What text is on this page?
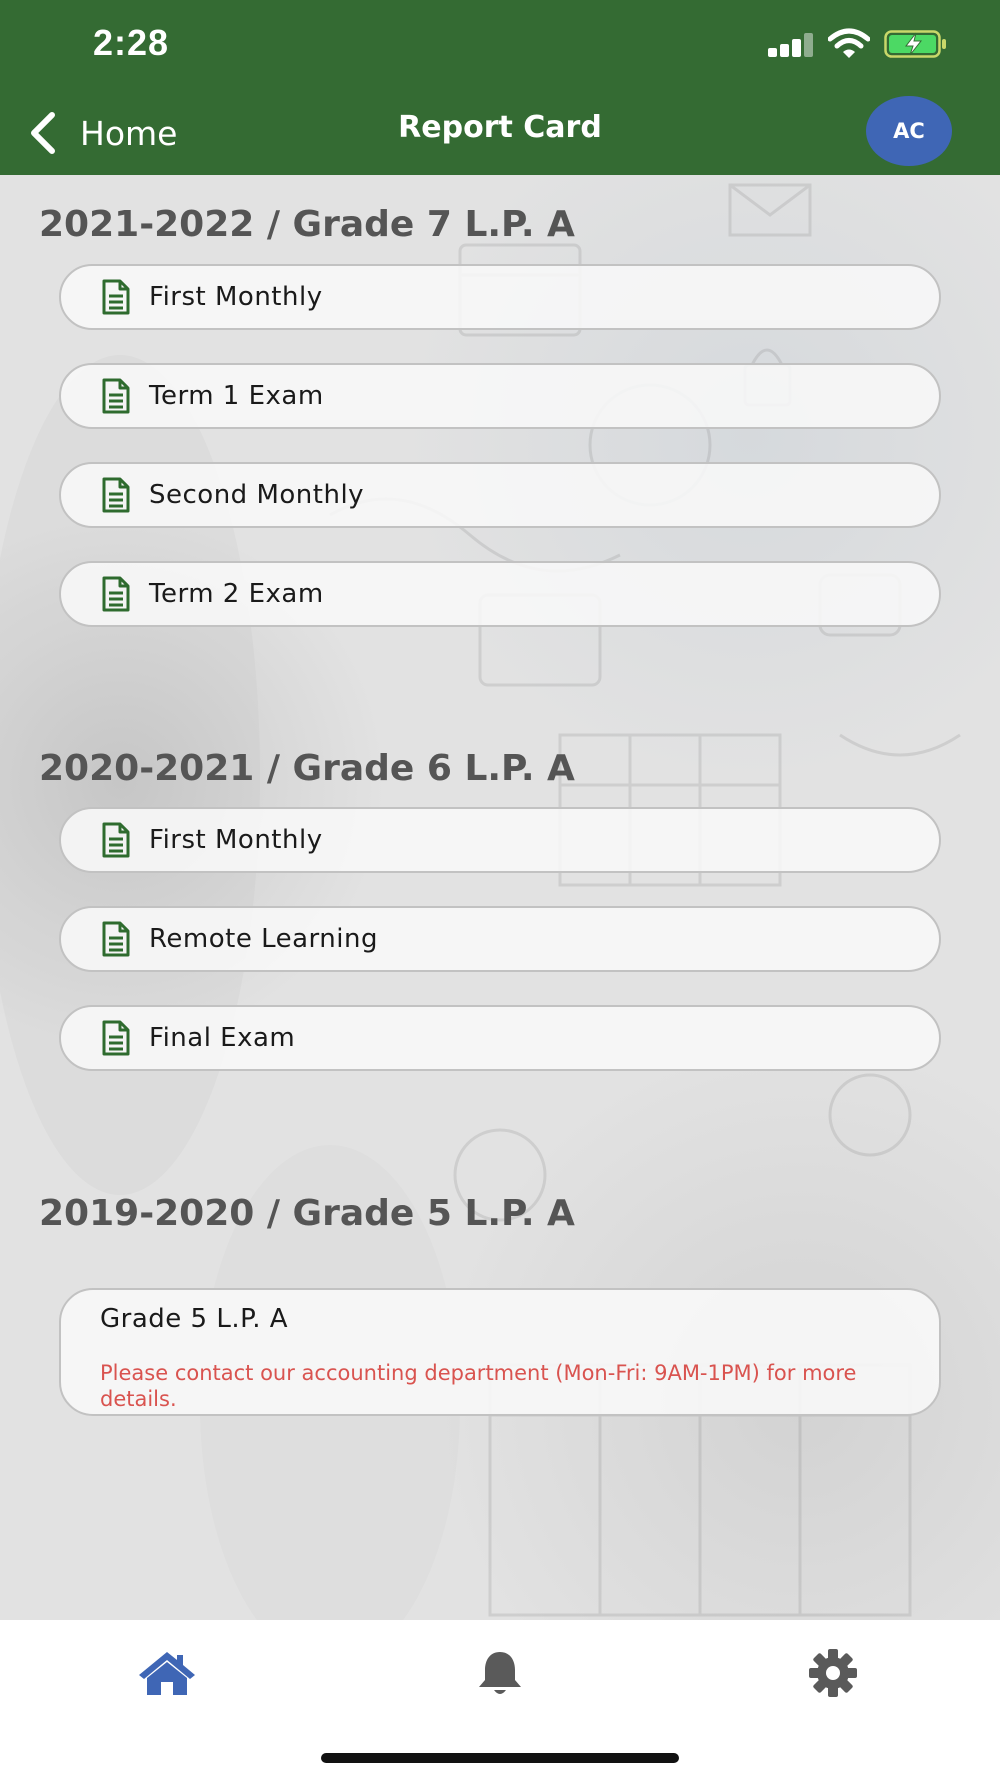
2:28
Home	Report Card	AC
2021-2022 / Grade 7 L.P. A
First Monthly
Term 1 Exam
Second Monthly
Term 2 Exam
2020-2021 / Grade 6 L.P. A
First Monthly
Remote Learning
Final Exam
2019-2020 / Grade 5 L.P. A
Grade 5 L.P. A
Please contact our accounting department (Mon-Fri: 9AM-1PM) for more details.
